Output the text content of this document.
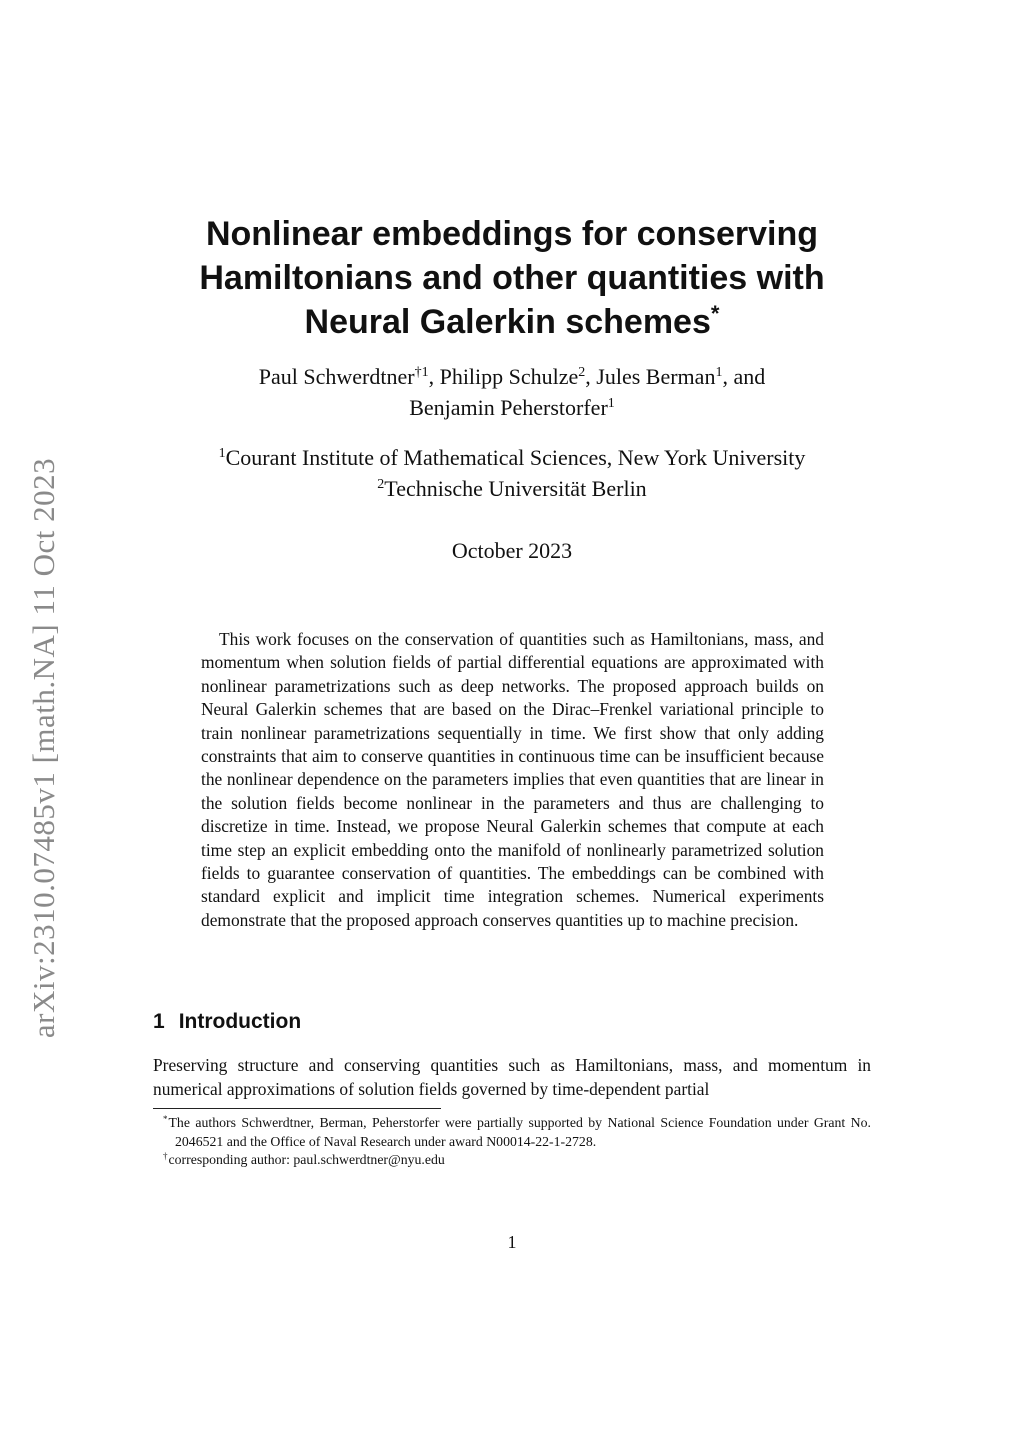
arXiv:2310.07485v1 [math.NA] 11 Oct 2023
Nonlinear embeddings for conserving Hamiltonians and other quantities with Neural Galerkin schemes*
Paul Schwerdtner$^{\dagger 1}$, Philipp Schulze$^2$, Jules Berman$^1$, and
Benjamin Peherstorfer$^1$
$^1$Courant Institute of Mathematical Sciences, New York University
$^2$Technische Universität Berlin
October 2023

This work focuses on the conservation of quantities such as Hamiltonians, mass, and momentum when solution fields of partial differential equations are approximated with nonlinear parametrizations such as deep networks. The proposed approach builds on Neural Galerkin schemes that are based on the Dirac–Frenkel variational principle to train nonlinear parametrizations sequentially in time. We first show that only adding constraints that aim to conserve quantities in continuous time can be insufficient because the nonlinear dependence on the parameters implies that even quantities that are linear in the solution fields become nonlinear in the parameters and thus are challenging to discretize in time. Instead, we propose Neural Galerkin schemes that compute at each time step an explicit embedding onto the manifold of nonlinearly parametrized solution fields to guarantee conservation of quantities. The embeddings can be combined with standard explicit and implicit time integration schemes. Numerical experiments demonstrate that the proposed approach conserves quantities up to machine precision.

1 Introduction

Preserving structure and conserving quantities such as Hamiltonians, mass, and momentum in numerical approximations of solution fields governed by time-dependent partial

*The authors Schwerdtner, Berman, Peherstorfer were partially supported by National Science Foundation under Grant No. 2046521 and the Office of Naval Research under award N00014-22-1-2728.

†corresponding author: paul.schwerdtner@nyu.edu

1
